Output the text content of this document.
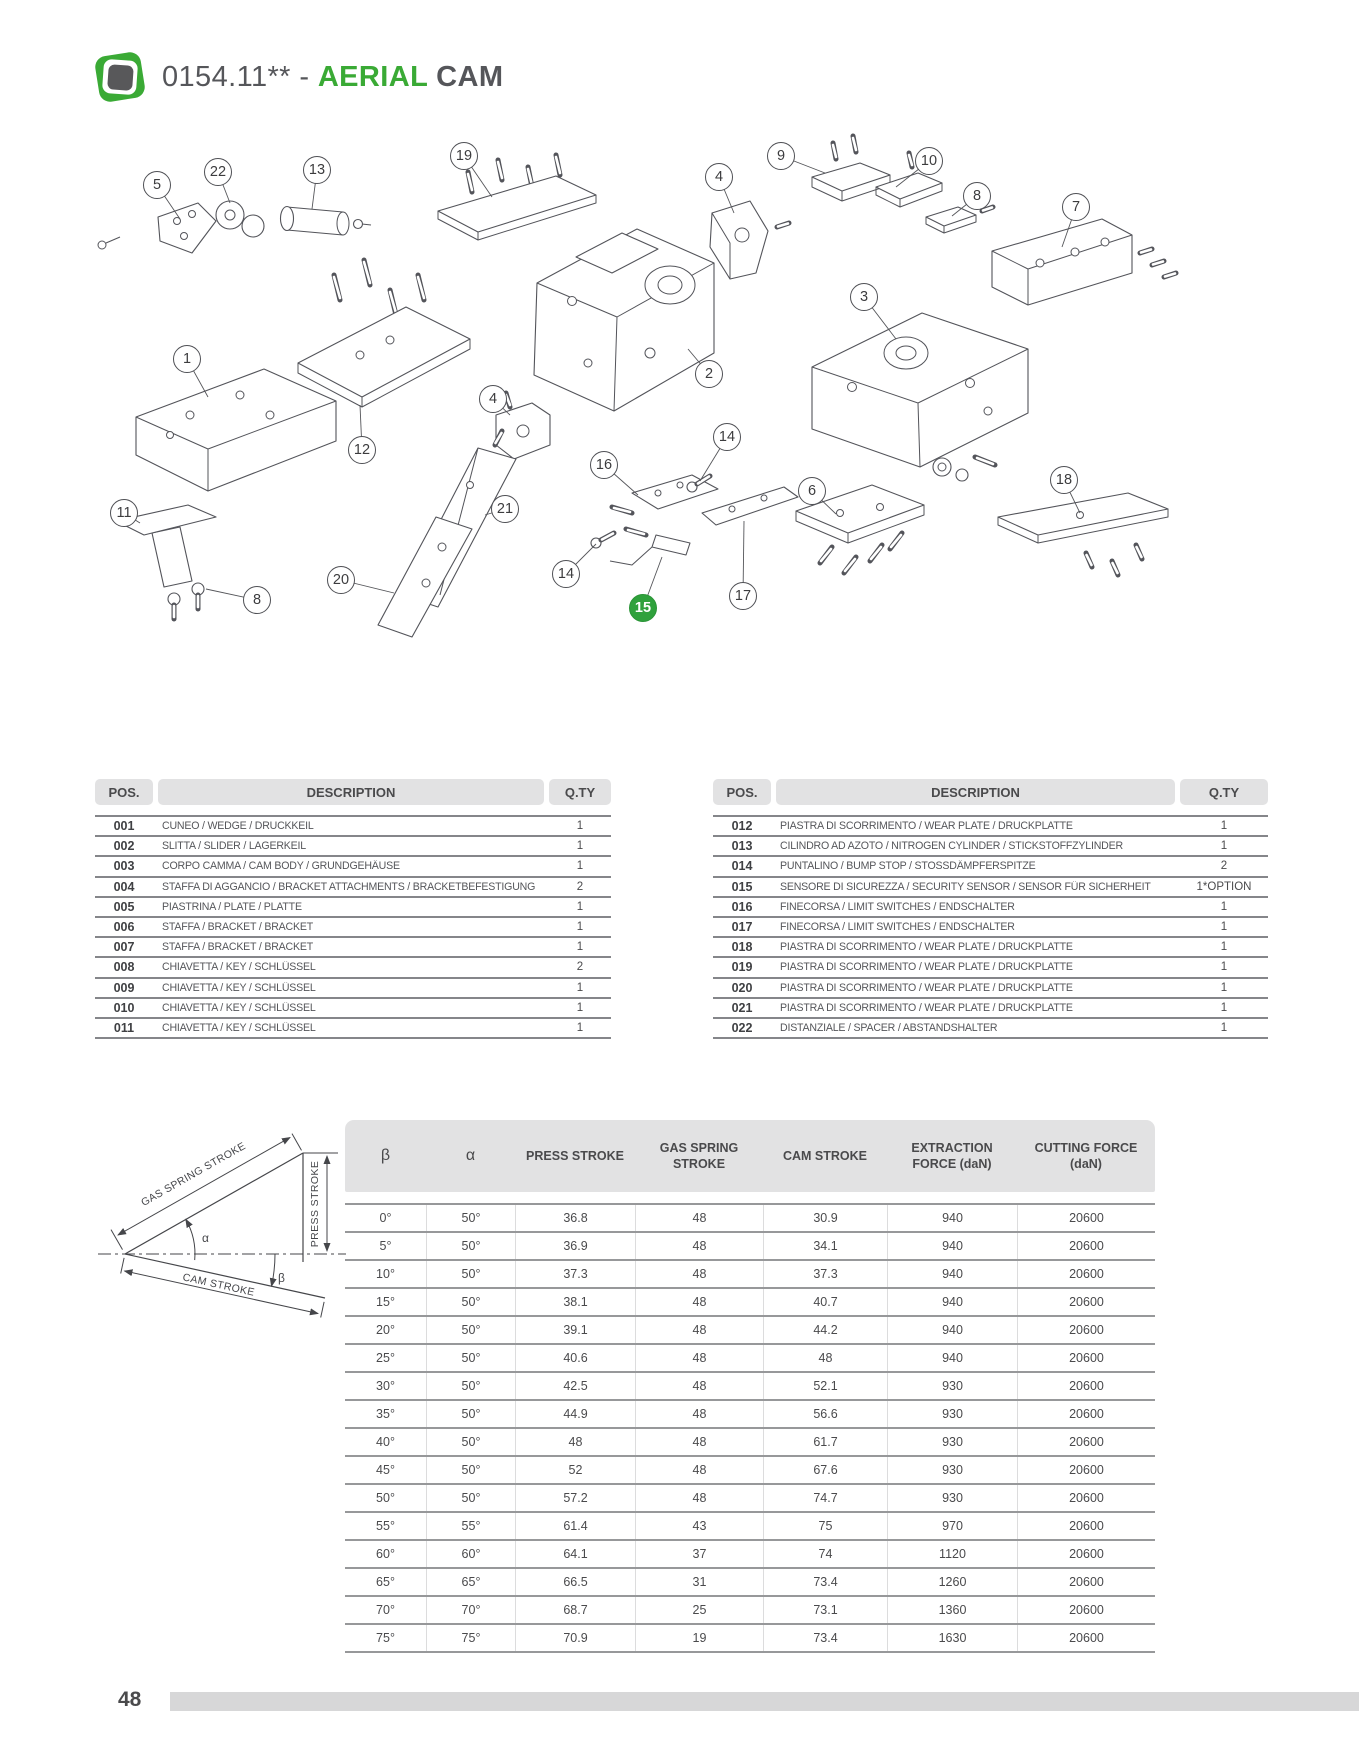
0154.11** - AERIAL CAM
5
22	13
19
4
9	10
8
7
3
1
2
12
4
14
16
11	21
6
18
20	14
8	17
15
POS.	DESCRIPTION	Q.TY
001	CUNEO / WEDGE / DRUCKKEIL	1
002	SLITTA / SLIDER / LAGERKEIL	1
003	CORPO CAMMA / CAM BODY / GRUNDGEHÄUSE	1
004	STAFFA DI AGGANCIO / BRACKET ATTACHMENTS / BRACKETBEFESTIGUNG	2
005	PIASTRINA / PLATE / PLATTE	1
006	STAFFA / BRACKET / BRACKET	1
007	STAFFA / BRACKET / BRACKET	1
008	CHIAVETTA / KEY / SCHLÜSSEL	2
009	CHIAVETTA / KEY / SCHLÜSSEL	1
010	CHIAVETTA / KEY / SCHLÜSSEL	1
011	CHIAVETTA / KEY / SCHLÜSSEL	1
POS.	DESCRIPTION	Q.TY
012	PIASTRA DI SCORRIMENTO / WEAR PLATE / DRUCKPLATTE	1
013	CILINDRO AD AZOTO / NITROGEN CYLINDER / STICKSTOFFZYLINDER	1
014	PUNTALINO / BUMP STOP / STOSSDÄMPFERSPITZE	2
015	SENSORE DI SICUREZZA / SECURITY SENSOR / SENSOR FÜR SICHERHEIT	1*OPTION
016	FINECORSA / LIMIT SWITCHES / ENDSCHALTER	1
017	FINECORSA / LIMIT SWITCHES / ENDSCHALTER	1
018	PIASTRA DI SCORRIMENTO / WEAR PLATE / DRUCKPLATTE	1
019	PIASTRA DI SCORRIMENTO / WEAR PLATE / DRUCKPLATTE	1
020	PIASTRA DI SCORRIMENTO / WEAR PLATE / DRUCKPLATTE	1
021	PIASTRA DI SCORRIMENTO / WEAR PLATE / DRUCKPLATTE	1
022	DISTANZIALE / SPACER / ABSTANDSHALTER	1
GAS SPRING STROKE	PRESS STROKE
CAM STROKE
α
β
β	α	PRESS STROKE
GAS SPRING STROKE
CAM STROKE
EXTRACTION FORCE (daN)
CUTTING FORCE (daN)
0°	50°	36.8	48	30.9	940	20600
5°	50°	36.9	48	34.1	940	20600
10°	50°	37.3	48	37.3	940	20600
15°	50°	38.1	48	40.7	940	20600
20°	50°	39.1	48	44.2	940	20600
25°	50°	40.6	48	48	940	20600
30°	50°	42.5	48	52.1	930	20600
35°	50°	44.9	48	56.6	930	20600
40°	50°	48	48	61.7	930	20600
45°	50°	52	48	67.6	930	20600
50°	50°	57.2	48	74.7	930	20600
55°	55°	61.4	43	75	970	20600
60°	60°	64.1	37	74	1120	20600
65°	65°	66.5	31	73.4	1260	20600
70°	70°	68.7	25	73.1	1360	20600
75°	75°	70.9	19	73.4	1630	20600
48
